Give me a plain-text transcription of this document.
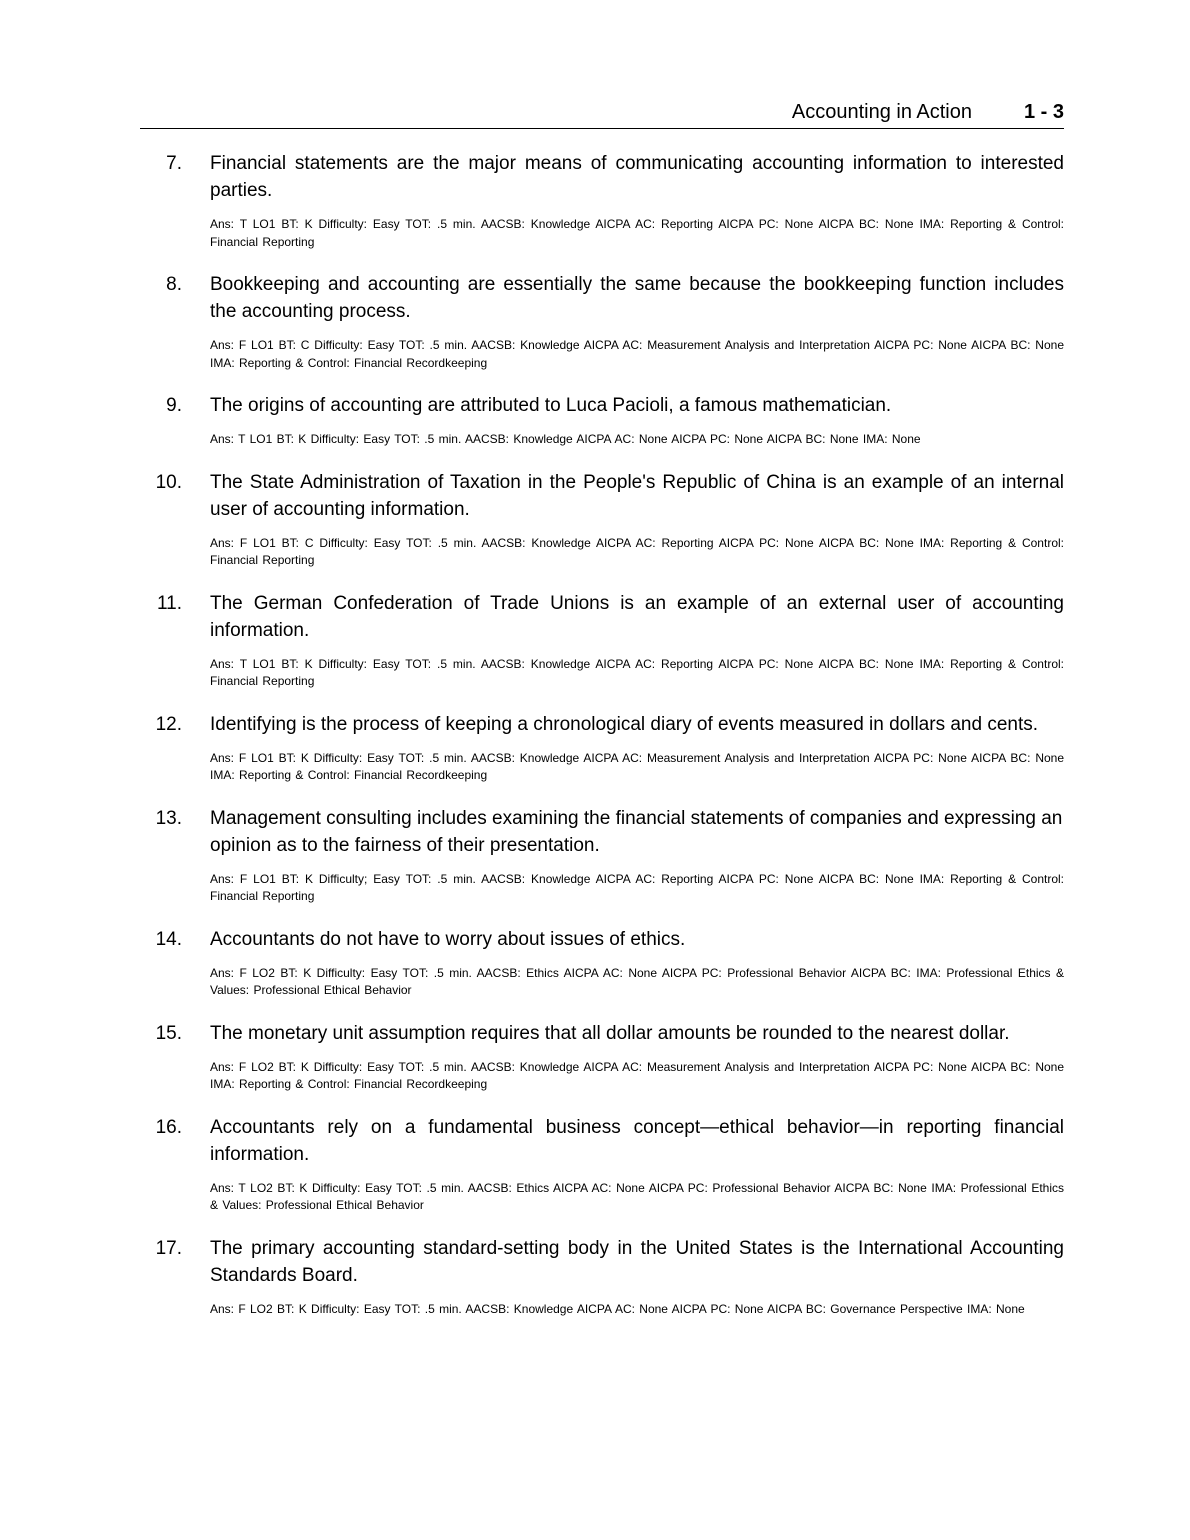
Accounting in Action	1 - 3
7. Financial statements are the major means of communicating accounting information to interested parties.
Ans: T LO1 BT: K Difficulty: Easy TOT: .5 min. AACSB: Knowledge AICPA AC: Reporting AICPA PC: None AICPA BC: None IMA: Reporting & Control: Financial Reporting
8. Bookkeeping and accounting are essentially the same because the bookkeeping function includes the accounting process.
Ans: F LO1 BT: C Difficulty: Easy TOT: .5 min. AACSB: Knowledge AICPA AC: Measurement Analysis and Interpretation AICPA PC: None AICPA BC: None IMA: Reporting & Control: Financial Recordkeeping
9. The origins of accounting are attributed to Luca Pacioli, a famous mathematician.
Ans: T LO1 BT: K Difficulty: Easy TOT: .5 min. AACSB: Knowledge AICPA AC: None AICPA PC: None AICPA BC: None IMA: None
10. The State Administration of Taxation in the People's Republic of China is an example of an internal user of accounting information.
Ans: F LO1 BT: C Difficulty: Easy TOT: .5 min. AACSB: Knowledge AICPA AC: Reporting AICPA PC: None AICPA BC: None IMA: Reporting & Control: Financial Reporting
11. The German Confederation of Trade Unions is an example of an external user of accounting information.
Ans: T LO1 BT: K Difficulty: Easy TOT: .5 min. AACSB: Knowledge AICPA AC: Reporting AICPA PC: None AICPA BC: None IMA: Reporting & Control: Financial Reporting
12. Identifying is the process of keeping a chronological diary of events measured in dollars and cents.
Ans: F LO1 BT: K Difficulty: Easy TOT: .5 min. AACSB: Knowledge AICPA AC: Measurement Analysis and Interpretation AICPA PC: None AICPA BC: None IMA: Reporting & Control: Financial Recordkeeping
13. Management consulting includes examining the financial statements of companies and expressing an opinion as to the fairness of their presentation.
Ans: F LO1 BT: K Difficulty; Easy TOT: .5 min. AACSB: Knowledge AICPA AC: Reporting AICPA PC: None AICPA BC: None IMA: Reporting & Control: Financial Reporting
14. Accountants do not have to worry about issues of ethics.
Ans: F LO2 BT: K Difficulty: Easy TOT: .5 min. AACSB: Ethics AICPA AC: None AICPA PC: Professional Behavior AICPA BC: IMA: Professional Ethics & Values: Professional Ethical Behavior
15. The monetary unit assumption requires that all dollar amounts be rounded to the nearest dollar.
Ans: F LO2 BT: K Difficulty: Easy TOT: .5 min. AACSB: Knowledge AICPA AC: Measurement Analysis and Interpretation AICPA PC: None AICPA BC: None IMA: Reporting & Control: Financial Recordkeeping
16. Accountants rely on a fundamental business concept—ethical behavior—in reporting financial information.
Ans: T LO2 BT: K Difficulty: Easy TOT: .5 min. AACSB: Ethics AICPA AC: None AICPA PC: Professional Behavior AICPA BC: None IMA: Professional Ethics & Values: Professional Ethical Behavior
17. The primary accounting standard-setting body in the United States is the International Accounting Standards Board.
Ans: F LO2 BT: K Difficulty: Easy TOT: .5 min. AACSB: Knowledge AICPA AC: None AICPA PC: None AICPA BC: Governance Perspective IMA: None
